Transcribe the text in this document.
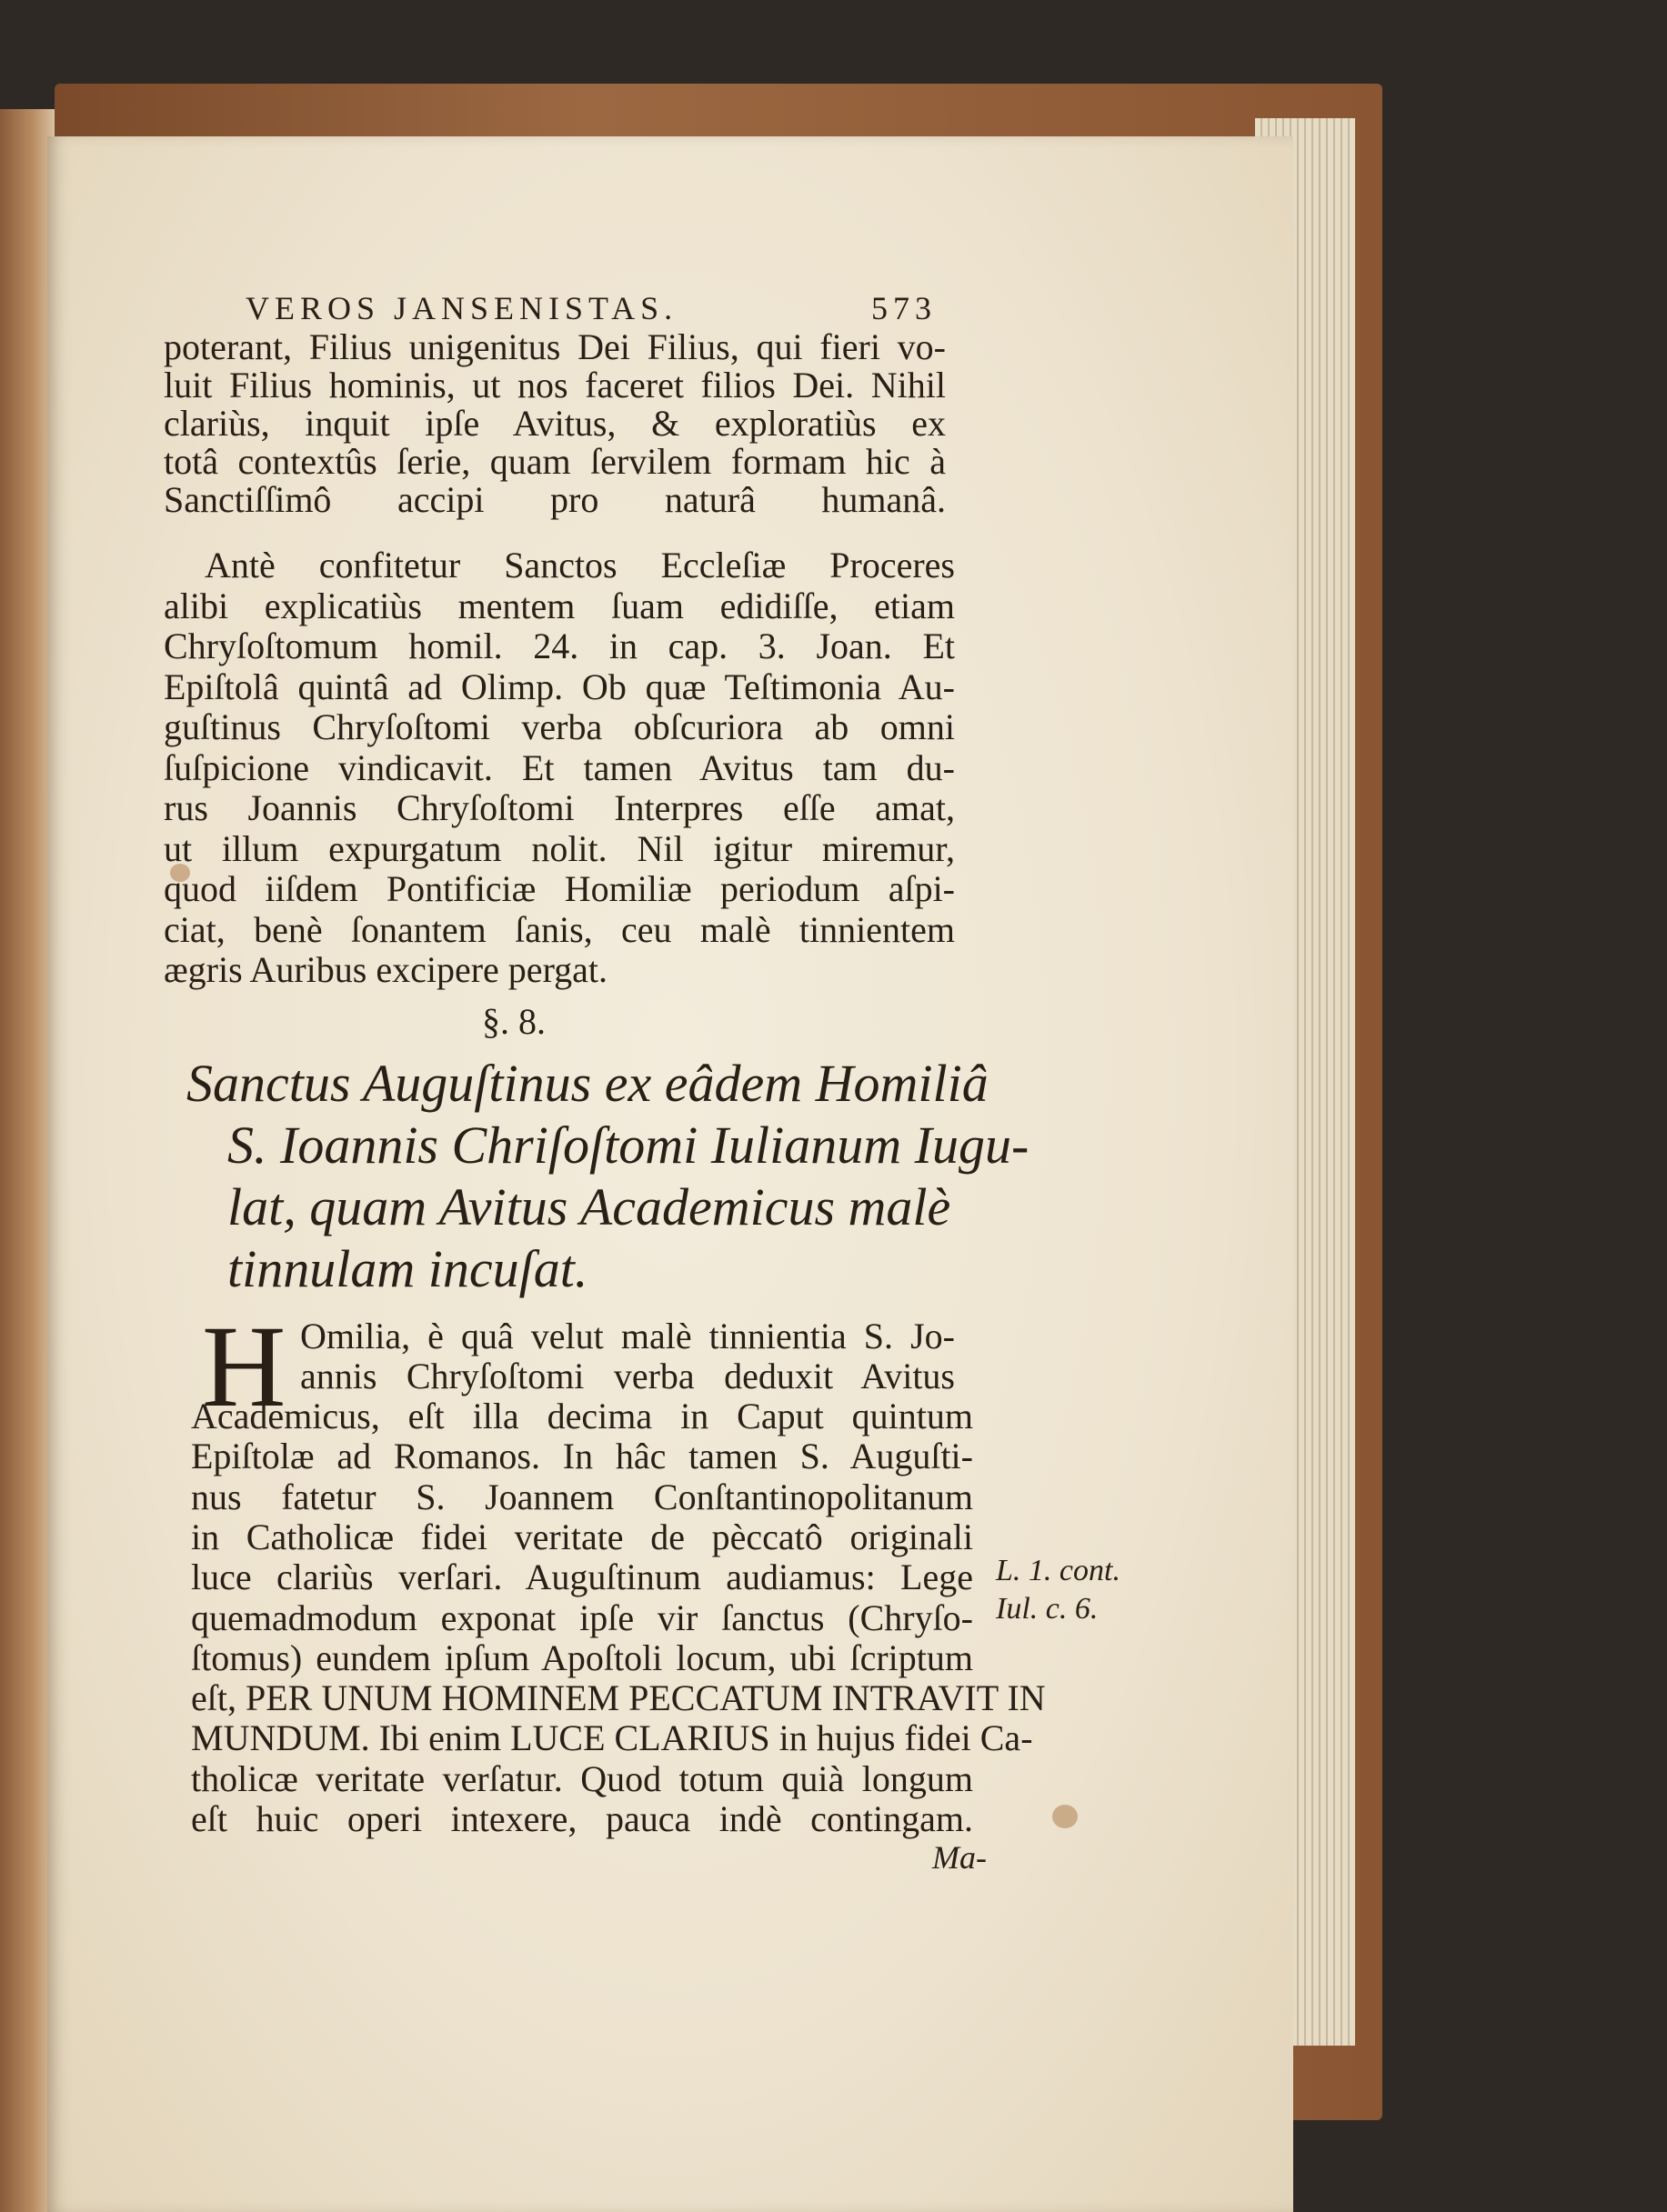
VEROS JANSENISTAS.	573
poterant, Filius unigenitus Dei Filius, qui fieri vo-
luit Filius hominis, ut nos faceret filios Dei. Nihil
clariùs, inquit ipſe Avitus, & exploratiùs ex
totâ contextûs ſerie, quam ſervilem formam hic à
Sanctiſſimô accipi pro naturâ humanâ.
Antè confitetur Sanctos Eccleſiæ Proceres
alibi explicatiùs mentem ſuam edidiſſe, etiam
Chryſoſtomum homil. 24. in cap. 3. Joan. Et
Epiſtolâ quintâ ad Olimp. Ob quæ Teſtimonia Au-
guſtinus Chryſoſtomi verba obſcuriora ab omni
ſuſpicione vindicavit. Et tamen Avitus tam du-
rus Joannis Chryſoſtomi Interpres eſſe amat,
ut illum expurgatum nolit. Nil igitur miremur,
quod iiſdem Pontificiæ Homiliæ periodum aſpi-
ciat, benè ſonantem ſanis, ceu malè tinnientem
ægris Auribus excipere pergat.
§. 8.
Sanctus Auguſtinus ex eâdem Homiliâ
S. Ioannis Chriſoſtomi Iulianum Iugu-
lat, quam Avitus Academicus malè
tinnulam incuſat.
H Omilia, è quâ velut malè tinnientia S. Jo-
annis Chryſoſtomi verba deduxit Avitus
Academicus, eſt illa decima in Caput quintum
Epiſtolæ ad Romanos. In hâc tamen S. Auguſti-
nus fatetur S. Joannem Conſtantinopolitanum
in Catholicæ fidei veritate de pèccatô originali
luce clariùs verſari. Auguſtinum audiamus: Lege
quemadmodum exponat ipſe vir ſanctus (Chryſo-
ſtomus) eundem ipſum Apoſtoli locum, ubi ſcriptum
eſt, PER UNUM HOMINEM PECCATUM INTRAVIT IN
MUNDUM. Ibi enim LUCE CLARIUS in hujus fidei Ca-
tholicæ veritate verſatur. Quod totum quià longum
eſt huic operi intexere, pauca indè contingam.
L. 1. cont.
Iul. c. 6.
Ma-
